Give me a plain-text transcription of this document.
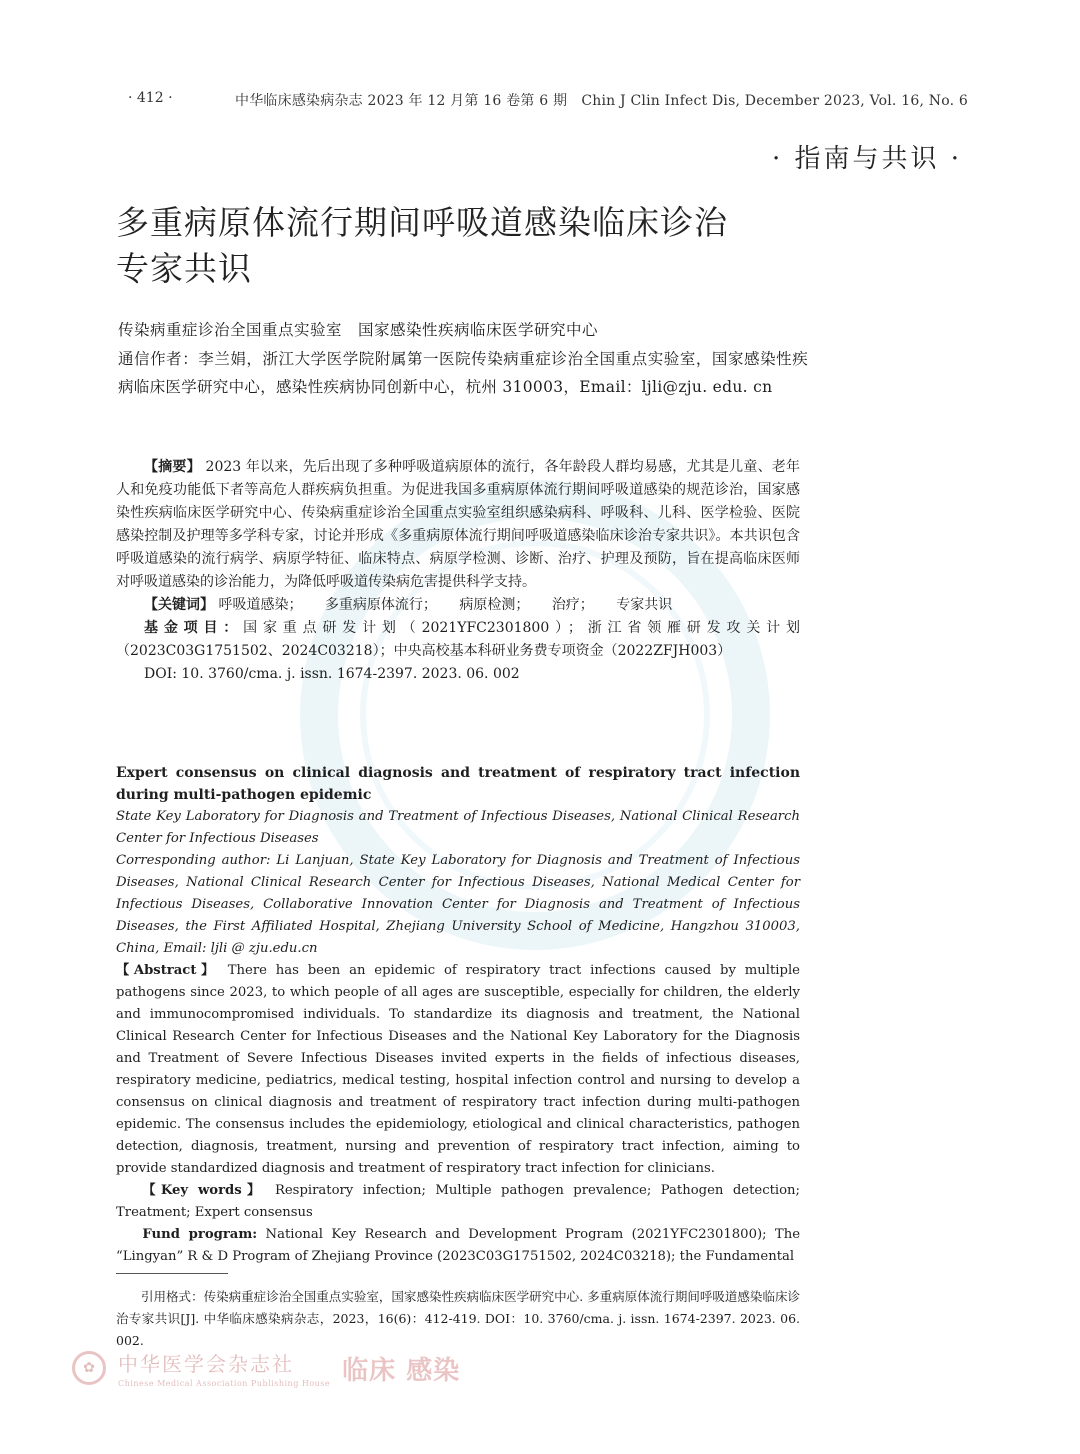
· 412 ·	中华临床感染病杂志 2023 年 12 月第 16 卷第 6 期　Chin J Clin Infect Dis, December 2023, Vol. 16, No. 6
· 指南与共识 ·
多重病原体流行期间呼吸道感染临床诊治
专家共识
传染病重症诊治全国重点实验室　国家感染性疾病临床医学研究中心
通信作者：李兰娟，浙江大学医学院附属第一医院传染病重症诊治全国重点实验室，国家感染性疾病临床医学研究中心，感染性疾病协同创新中心，杭州 310003，Email：ljli@zju. edu. cn

【摘要】 2023 年以来，先后出现了多种呼吸道病原体的流行，各年龄段人群均易感，尤其是儿童、老年人和免疫功能低下者等高危人群疾病负担重。为促进我国多重病原体流行期间呼吸道感染的规范诊治，国家感染性疾病临床医学研究中心、传染病重症诊治全国重点实验室组织感染病科、呼吸科、儿科、医学检验、医院感染控制及护理等多学科专家，讨论并形成《多重病原体流行期间呼吸道感染临床诊治专家共识》。本共识包含呼吸道感染的流行病学、病原学特征、临床特点、病原学检测、诊断、治疗、护理及预防，旨在提高临床医师对呼吸道感染的诊治能力，为降低呼吸道传染病危害提供科学支持。

【关键词】 呼吸道感染； 多重病原体流行； 病原检测； 治疗； 专家共识

基金项目：国家重点研发计划（2021YFC2301800）；浙江省领雁研发攻关计划（2023C03G1751502、2024C03218）；中央高校基本科研业务费专项资金（2022ZFJH003）

DOI: 10. 3760/cma. j. issn. 1674-2397. 2023. 06. 002

Expert consensus on clinical diagnosis and treatment of respiratory tract infection during multi-pathogen epidemic

State Key Laboratory for Diagnosis and Treatment of Infectious Diseases, National Clinical Research Center for Infectious Diseases

Corresponding author: Li Lanjuan, State Key Laboratory for Diagnosis and Treatment of Infectious Diseases, National Clinical Research Center for Infectious Diseases, National Medical Center for Infectious Diseases, Collaborative Innovation Center for Diagnosis and Treatment of Infectious Diseases, the First Affiliated Hospital, Zhejiang University School of Medicine, Hangzhou 310003, China, Email: ljli @ zju.edu.cn

【Abstract】 There has been an epidemic of respiratory tract infections caused by multiple pathogens since 2023, to which people of all ages are susceptible, especially for children, the elderly and immunocompromised individuals. To standardize its diagnosis and treatment, the National Clinical Research Center for Infectious Diseases and the National Key Laboratory for the Diagnosis and Treatment of Severe Infectious Diseases invited experts in the fields of infectious diseases, respiratory medicine, pediatrics, medical testing, hospital infection control and nursing to develop a consensus on clinical diagnosis and treatment of respiratory tract infection during multi-pathogen epidemic. The consensus includes the epidemiology, etiological and clinical characteristics, pathogen detection, diagnosis, treatment, nursing and prevention of respiratory tract infection, aiming to provide standardized diagnosis and treatment of respiratory tract infection for clinicians.

【Key words】 Respiratory infection; Multiple pathogen prevalence; Pathogen detection; Treatment; Expert consensus

Fund program: National Key Research and Development Program (2021YFC2301800); The “Lingyan” R & D Program of Zhejiang Province (2023C03G1751502, 2024C03218); the Fundamental

引用格式：传染病重症诊治全国重点实验室，国家感染性疾病临床医学研究中心. 多重病原体流行期间呼吸道感染临床诊治专家共识[J]. 中华临床感染病杂志，2023，16(6)：412-419. DOI：10. 3760/cma. j. issn. 1674-2397. 2023. 06. 002.
✿	中华医学会杂志社
Chinese Medical Association Publishing House 临床 感染
